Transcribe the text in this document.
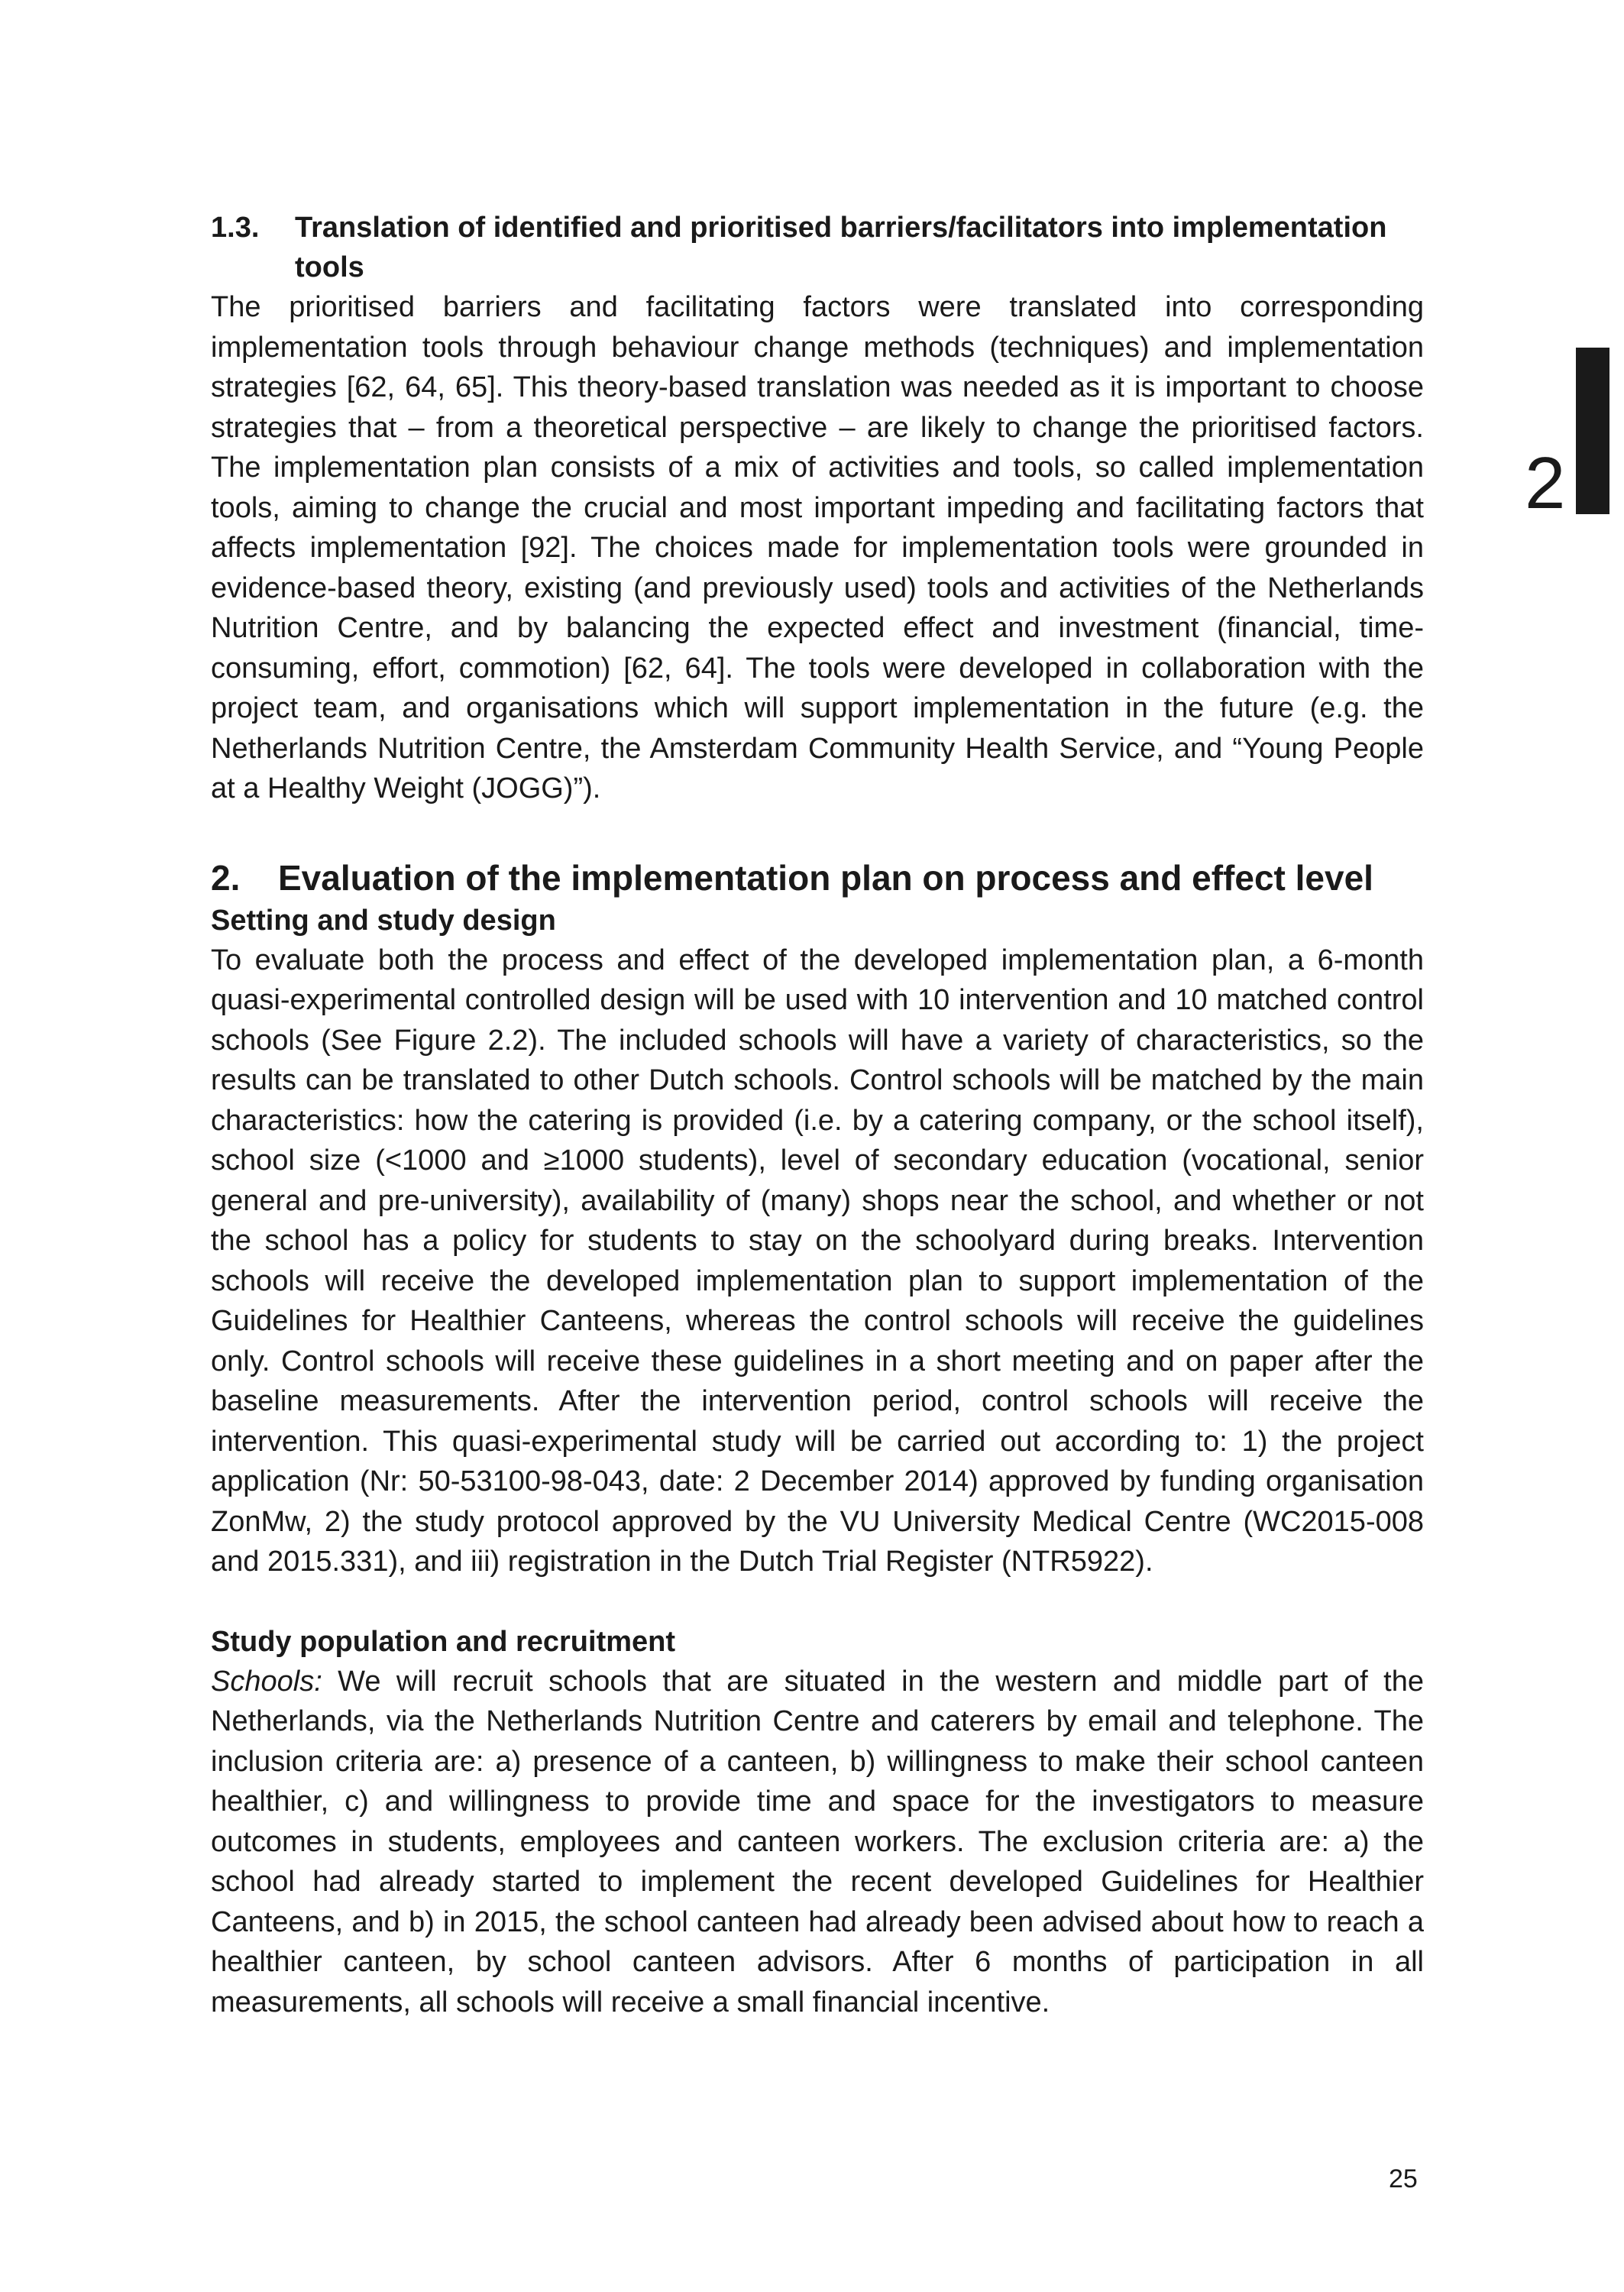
2
1.3.	Translation of identified and prioritised barriers/facilitators into implementation tools

The prioritised barriers and facilitating factors were translated into corresponding implementation tools through behaviour change methods (techniques) and implementation strategies [62, 64, 65]. This theory-based translation was needed as it is important to choose strategies that – from a theoretical perspective – are likely to change the prioritised factors. The implementation plan consists of a mix of activities and tools, so called implementation tools, aiming to change the crucial and most important impeding and facilitating factors that affects implementation [92]. The choices made for implementation tools were grounded in evidence-based theory, existing (and previously used) tools and activities of the Netherlands Nutrition Centre, and by balancing the expected effect and investment (financial, time-consuming, effort, commotion) [62, 64]. The tools were developed in collaboration with the project team, and organisations which will support implementation in the future (e.g. the Netherlands Nutrition Centre, the Amsterdam Community Health Service, and “Young People at a Healthy Weight (JOGG)”).

2.	Evaluation of the implementation plan on process and effect level
Setting and study design

To evaluate both the process and effect of the developed implementation plan, a 6-month quasi-experimental controlled design will be used with 10 intervention and 10 matched control schools (See Figure 2.2). The included schools will have a variety of characteristics, so the results can be translated to other Dutch schools. Control schools will be matched by the main characteristics: how the catering is provided (i.e. by a catering company, or the school itself), school size (<1000 and ≥1000 students), level of secondary education (vocational, senior general and pre-university), availability of (many) shops near the school, and whether or not the school has a policy for students to stay on the schoolyard during breaks. Intervention schools will receive the developed implementation plan to support implementation of the Guidelines for Healthier Canteens, whereas the control schools will receive the guidelines only. Control schools will receive these guidelines in a short meeting and on paper after the baseline measurements. After the intervention period, control schools will receive the intervention. This quasi-experimental study will be carried out according to: 1) the project application (Nr: 50-53100-98-043, date: 2 December 2014) approved by funding organisation ZonMw, 2) the study protocol approved by the VU University Medical Centre (WC2015-008 and 2015.331), and iii) registration in the Dutch Trial Register (NTR5922).

Study population and recruitment

Schools: We will recruit schools that are situated in the western and middle part of the Netherlands, via the Netherlands Nutrition Centre and caterers by email and telephone. The inclusion criteria are: a) presence of a canteen, b) willingness to make their school canteen healthier, c) and willingness to provide time and space for the investigators to measure outcomes in students, employees and canteen workers. The exclusion criteria are: a) the school had already started to implement the recent developed Guidelines for Healthier Canteens, and b) in 2015, the school canteen had already been advised about how to reach a healthier canteen, by school canteen advisors. After 6 months of participation in all measurements, all schools will receive a small financial incentive.

25
